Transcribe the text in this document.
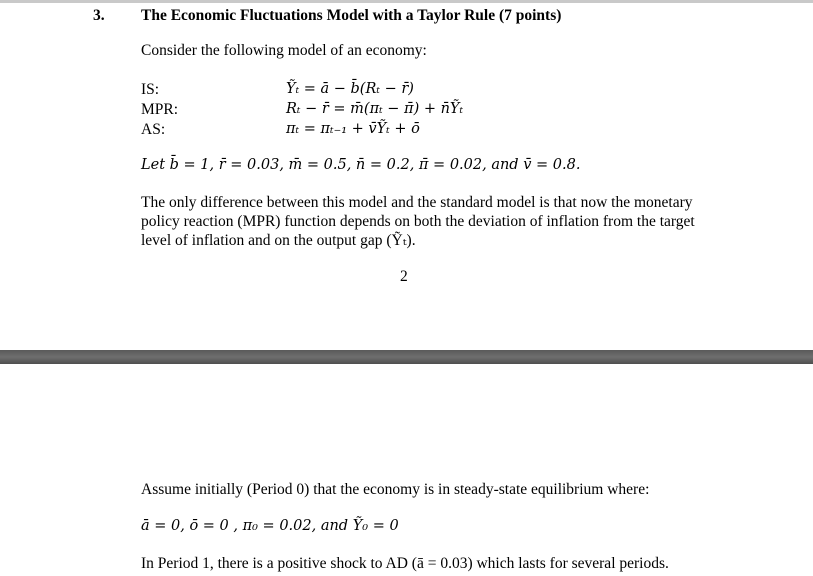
3. The Economic Fluctuations Model with a Taylor Rule (7 points)
Consider the following model of an economy:
IS:	Ỹₜ = ā − b̄(Rₜ − r̄)
MPR:	Rₜ − r̄ = m̄(πₜ − π̄) + n̄Ỹₜ
AS:	πₜ = πₜ₋₁ + v̄Ỹₜ + ō
Let b̄ = 1, r̄ = 0.03, m̄ = 0.5, n̄ = 0.2, π̄ = 0.02, and v̄ = 0.8.
The only difference between this model and the standard model is that now the monetary
policy reaction (MPR) function depends on both the deviation of inflation from the target
level of inflation and on the output gap (Ỹₜ).
2
Assume initially (Period 0) that the economy is in steady-state equilibrium where:
ā = 0, ō = 0 , π₀ = 0.02, and Ỹ₀ = 0
In Period 1, there is a positive shock to AD (ā = 0.03) which lasts for several periods.
